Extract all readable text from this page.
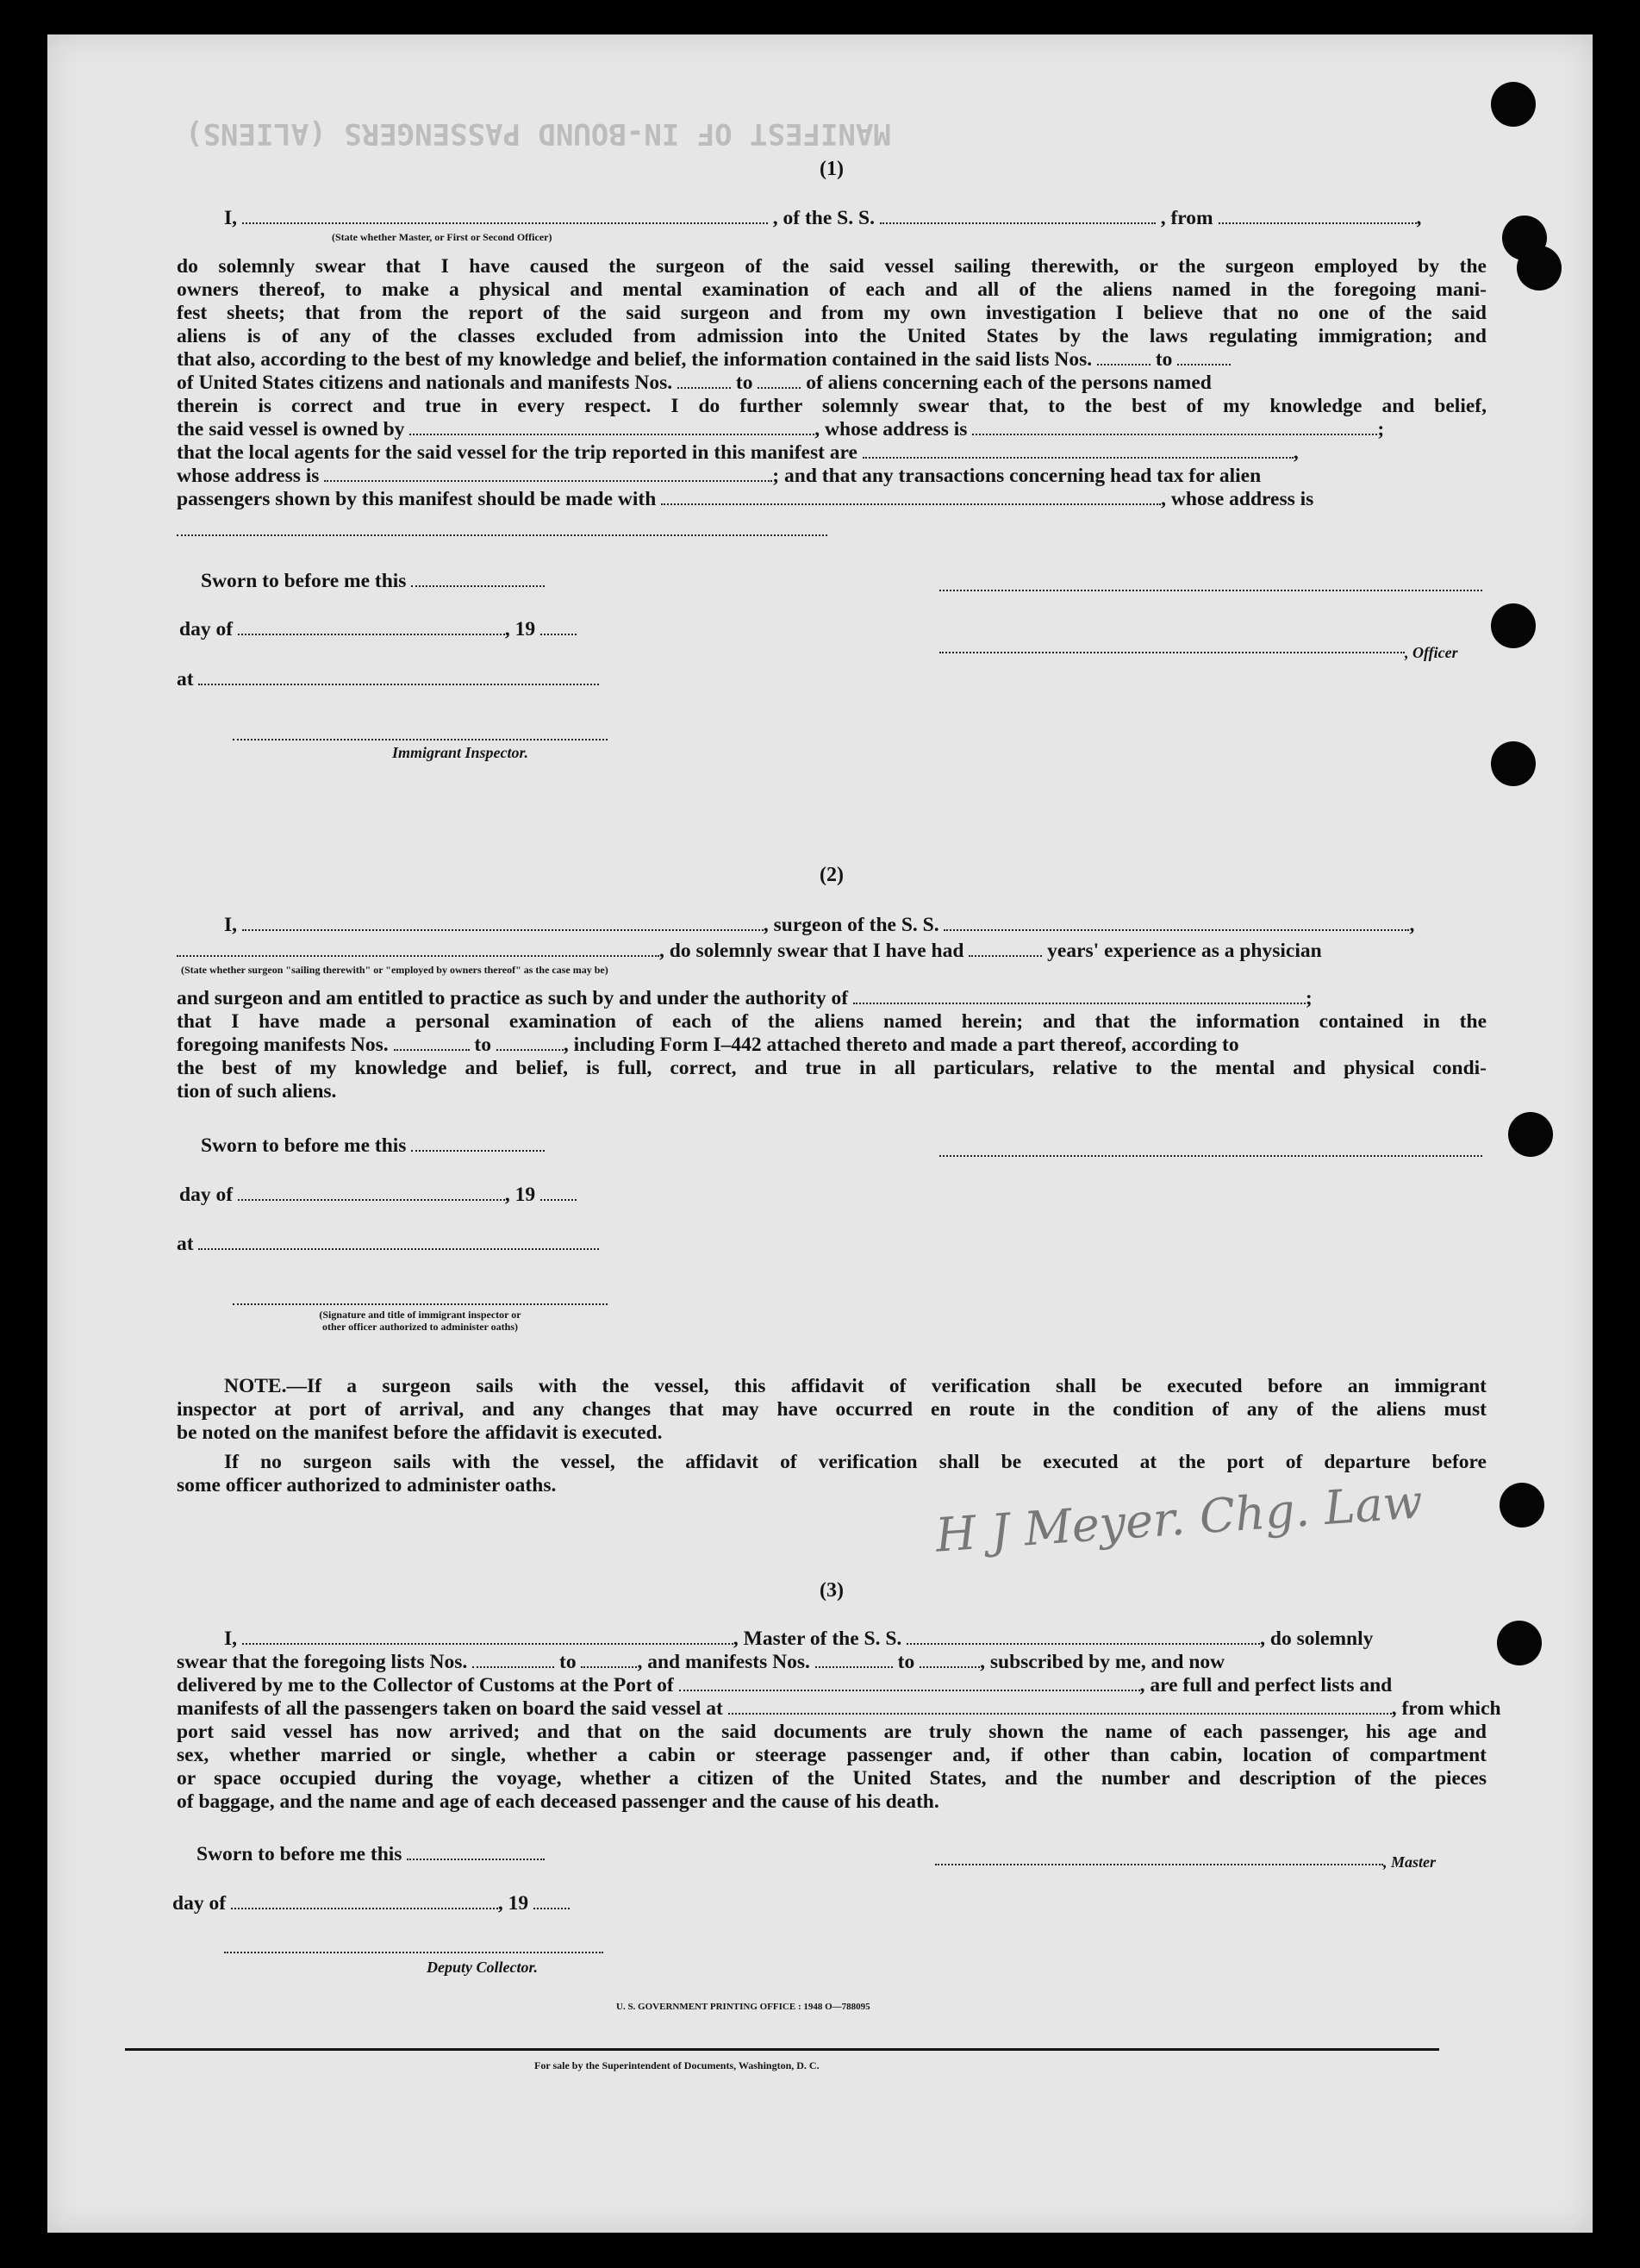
MANIFEST OF IN-BOUND PASSENGERS (ALIENS)
H J Meyer. Chg. Law
(1)
I,	, of the S. S.	, from	,
(State whether Master, or First or Second Officer)
do solemnly swear that I have caused the surgeon of the said vessel sailing therewith, or the surgeon employed by the
owners thereof, to make a physical and mental examination of each and all of the aliens named in the foregoing mani-
fest sheets; that from the report of the said surgeon and from my own investigation I believe that no one of the said
aliens is of any of the classes excluded from admission into the United States by the laws regulating immigration; and
that also, according to the best of my knowledge and belief, the information contained in the said lists Nos.	to
of United States citizens and nationals and manifests Nos.	to	of aliens concerning each of the persons named
therein is correct and true in every respect. I do further solemnly swear that, to the best of my knowledge and belief,
the said vessel is owned by	, whose address is	;
that the local agents for the said vessel for the trip reported in this manifest are	,
whose address is	; and that any transactions concerning head tax for alien
passengers shown by this manifest should be made with	, whose address is
Sworn to before me this
day of	, 19
, Officer
at
Immigrant Inspector.
(2)
I,	, surgeon of the S. S.	,
, do solemnly swear that I have had	years' experience as a physician
(State whether surgeon "sailing therewith" or "employed by owners thereof" as the case may be)
and surgeon and am entitled to practice as such by and under the authority of	;
that I have made a personal examination of each of the aliens named herein; and that the information contained in the
foregoing manifests Nos.	to	, including Form I–442 attached thereto and made a part thereof, according to
the best of my knowledge and belief, is full, correct, and true in all particulars, relative to the mental and physical condi-
tion of such aliens.
Sworn to before me this
day of	, 19
at
(Signature and title of immigrant inspector or
other officer authorized to administer oaths)
NOTE.—If a surgeon sails with the vessel, this affidavit of verification shall be executed before an immigrant
inspector at port of arrival, and any changes that may have occurred en route in the condition of any of the aliens must
be noted on the manifest before the affidavit is executed.
If no surgeon sails with the vessel, the affidavit of verification shall be executed at the port of departure before
some officer authorized to administer oaths.
(3)
I,	, Master of the S. S.	, do solemnly
swear that the foregoing lists Nos.	to	, and manifests Nos.	to	, subscribed by me, and now
delivered by me to the Collector of Customs at the Port of	, are full and perfect lists and
manifests of all the passengers taken on board the said vessel at	, from which
port said vessel has now arrived; and that on the said documents are truly shown the name of each passenger, his age and
sex, whether married or single, whether a cabin or steerage passenger and, if other than cabin, location of compartment
or space occupied during the voyage, whether a citizen of the United States, and the number and description of the pieces
of baggage, and the name and age of each deceased passenger and the cause of his death.
Sworn to before me this	, Master
day of	, 19
Deputy Collector.
U. S. GOVERNMENT PRINTING OFFICE : 1948 O—788095
For sale by the Superintendent of Documents, Washington, D. C.
